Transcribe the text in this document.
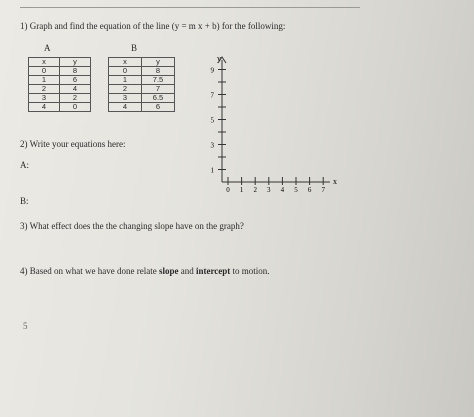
1) Graph and find the equation of the line (y = m x + b) for the following:
A	B
x	y
0	8
1	6
2	4
3	2
4	0
x	y
0	8
1	7.5
2	7
3	6.5
4	6
y
x
1
3
5
7
9
0 1 2 3 4 5 6 7
2) Write your equations here:
A:
B:
3) What effect does the the changing slope have on the graph?
4) Based on what we have done relate slope and intercept to motion.
5
